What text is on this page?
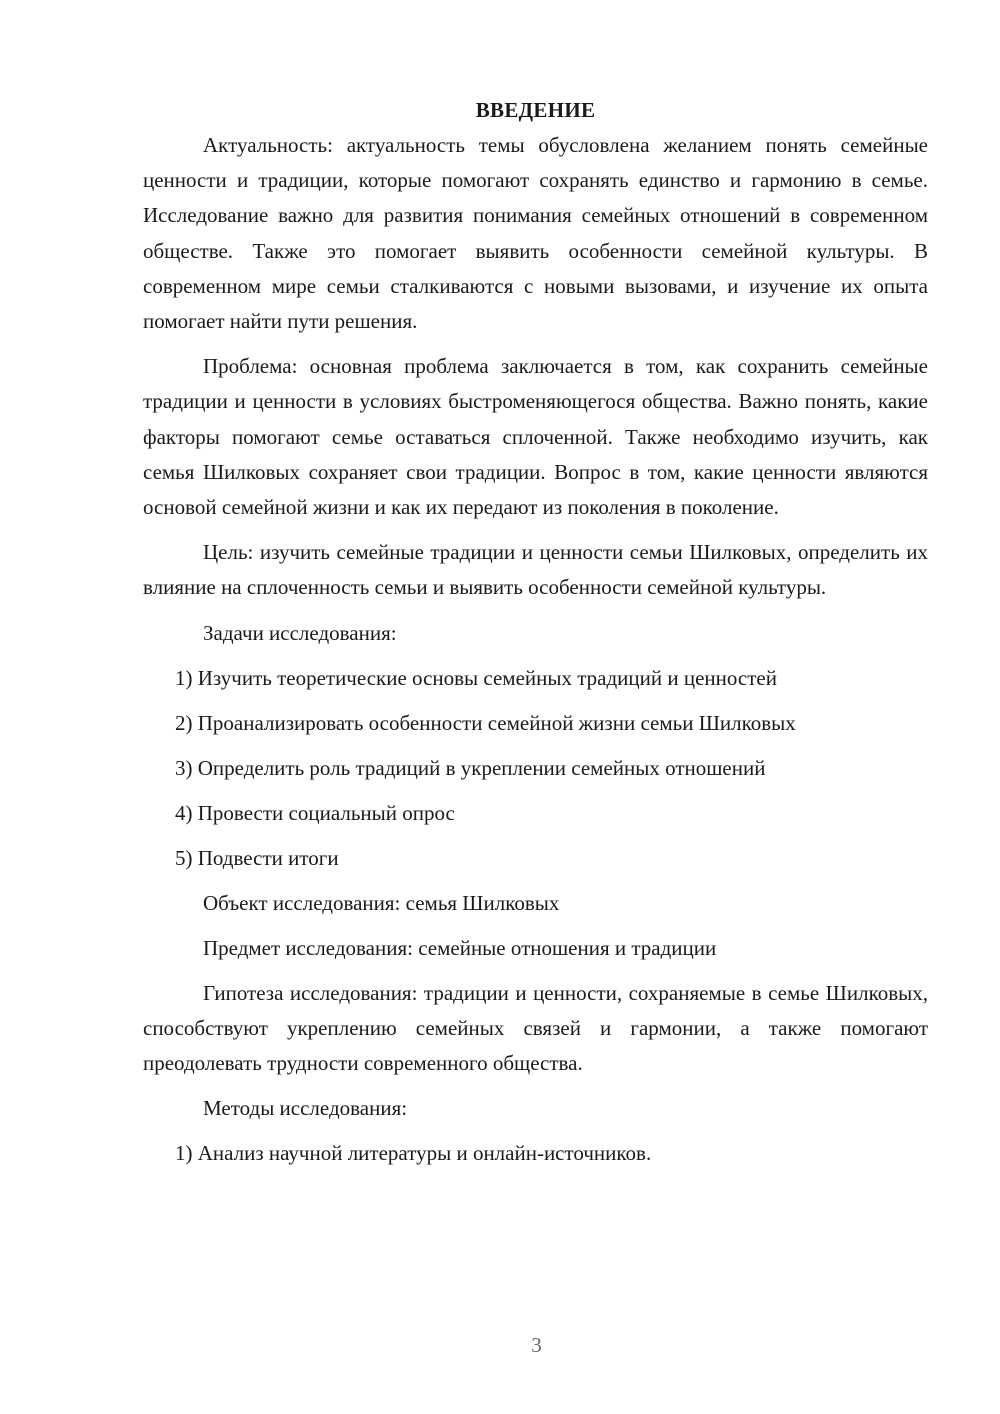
ВВЕДЕНИЕ

Актуальность: актуальность темы обусловлена желанием понять семейные ценности и традиции, которые помогают сохранять единство и гармонию в семье. Исследование важно для развития понимания семейных отношений в современном обществе. Также это помогает выявить особенности семейной культуры. В современном мире семьи сталкиваются с новыми вызовами, и изучение их опыта помогает найти пути решения.

Проблема: основная проблема заключается в том, как сохранить семейные традиции и ценности в условиях быстроменяющегося общества. Важно понять, какие факторы помогают семье оставаться сплоченной. Также необходимо изучить, как семья Шилковых сохраняет свои традиции. Вопрос в том, какие ценности являются основой семейной жизни и как их передают из поколения в поколение.

Цель: изучить семейные традиции и ценности семьи Шилковых, определить их влияние на сплоченность семьи и выявить особенности семейной культуры.

Задачи исследования:
1) Изучить теоретические основы семейных традиций и ценностей
2) Проанализировать особенности семейной жизни семьи Шилковых
3) Определить роль традиций в укреплении семейных отношений
4) Провести социальный опрос
5) Подвести итоги
Объект исследования: семья Шилковых
Предмет исследования: семейные отношения и традиции

Гипотеза исследования: традиции и ценности, сохраняемые в семье Шилковых, способствуют укреплению семейных связей и гармонии, а также помогают преодолевать трудности современного общества.

Методы исследования:
1) Анализ научной литературы и онлайн-источников.
3
